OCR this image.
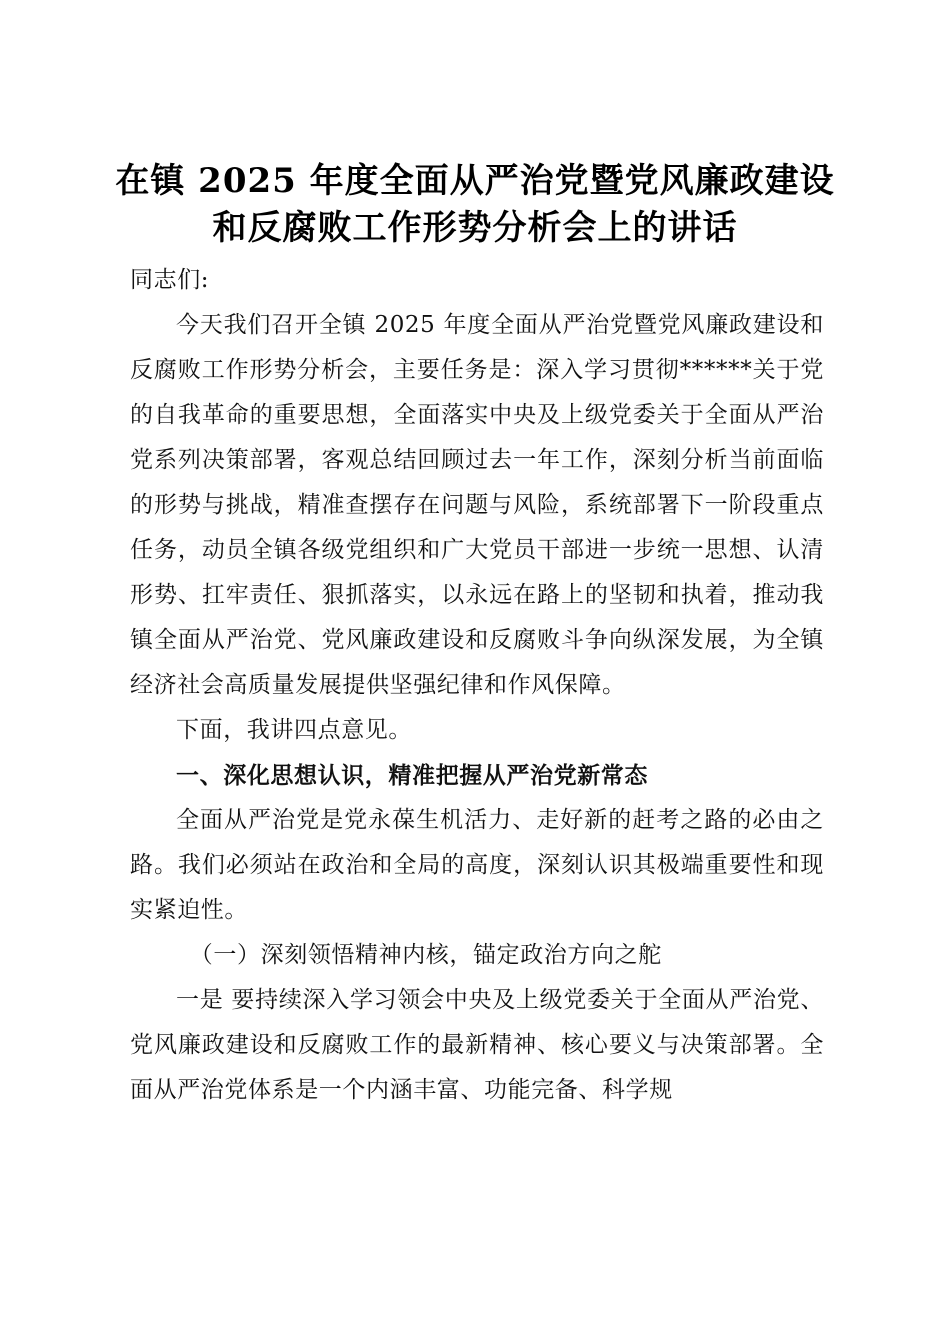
在镇 2025 年度全面从严治党暨党风廉政建设
和反腐败工作形势分析会上的讲话

同志们:

今天我们召开全镇 2025 年度全面从严治党暨党风廉政建设和反腐败工作形势分析会，主要任务是：深入学习贯彻******关于党的自我革命的重要思想，全面落实中央及上级党委关于全面从严治党系列决策部署，客观总结回顾过去一年工作，深刻分析当前面临的形势与挑战，精准查摆存在问题与风险，系统部署下一阶段重点任务，动员全镇各级党组织和广大党员干部进一步统一思想、认清形势、扛牢责任、狠抓落实，以永远在路上的坚韧和执着，推动我镇全面从严治党、党风廉政建设和反腐败斗争向纵深发展，为全镇经济社会高质量发展提供坚强纪律和作风保障。

下面，我讲四点意见。

一、深化思想认识，精准把握从严治党新常态

全面从严治党是党永葆生机活力、走好新的赶考之路的必由之路。我们必须站在政治和全局的高度，深刻认识其极端重要性和现实紧迫性。

（一）深刻领悟精神内核，锚定政治方向之舵

一是 要持续深入学习领会中央及上级党委关于全面从严治党、党风廉政建设和反腐败工作的最新精神、核心要义与决策部署。全面从严治党体系是一个内涵丰富、功能完备、科学规
